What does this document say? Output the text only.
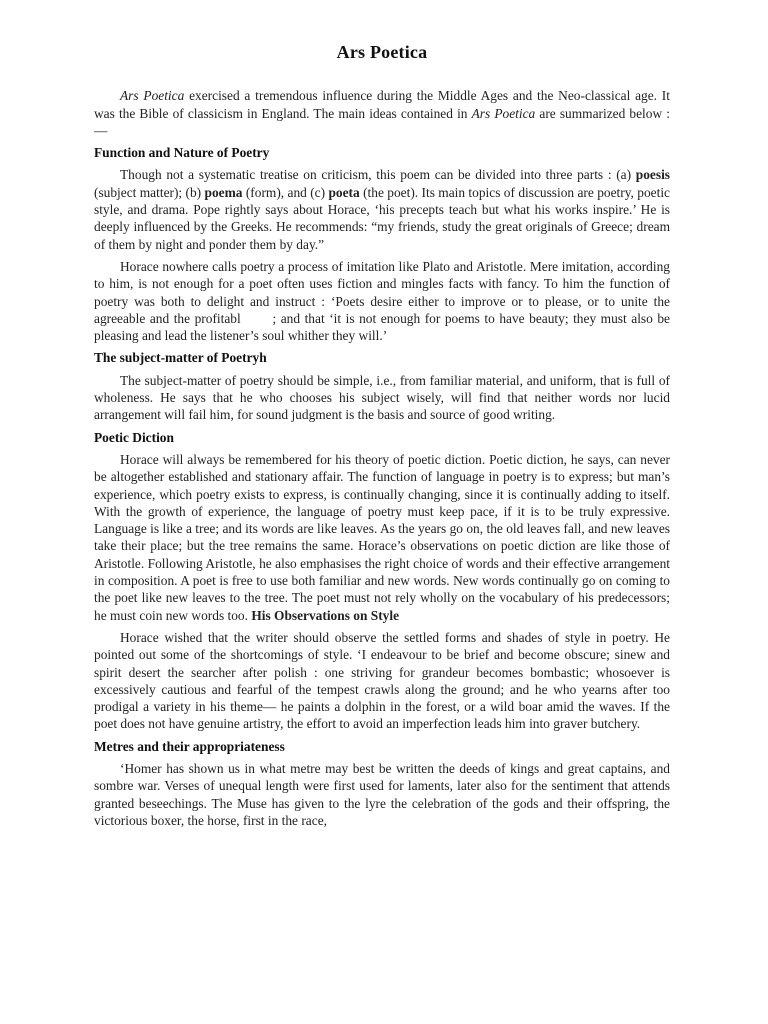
Ars Poetica

Ars Poetica exercised a tremendous influence during the Middle Ages and the Neo-classical age. It was the Bible of classicism in England. The main ideas contained in Ars Poetica are summarized below :—

Function and Nature of Poetry

Though not a systematic treatise on criticism, this poem can be divided into three parts : (a) poesis (subject matter); (b) poema (form), and (c) poeta (the poet). Its main topics of discussion are poetry, poetic style, and drama. Pope rightly says about Horace, ‘his precepts teach but what his works inspire.’ He is deeply influenced by the Greeks. He recommends: “my friends, study the great originals of Greece; dream of them by night and ponder them by day.”

Horace nowhere calls poetry a process of imitation like Plato and Aristotle. Mere imitation, according to him, is not enough for a poet often uses fiction and mingles facts with fancy. To him the function of poetry was both to delight and instruct : ‘Poets desire either to improve or to please, or to unite the agreeable and the profitabl       ; and that ‘it is not enough for poems to have beauty; they must also be pleasing and lead the listener’s soul whither they will.’

The subject-matter of Poetryh

The subject-matter of poetry should be simple, i.e., from familiar material, and uniform, that is full of wholeness. He says that he who chooses his subject wisely, will find that neither words nor lucid arrangement will fail him, for sound judgment is the basis and source of good writing.

Poetic Diction

Horace will always be remembered for his theory of poetic diction. Poetic diction, he says, can never be altogether established and stationary affair. The function of language in poetry is to express; but man’s experience, which poetry exists to express, is continually changing, since it is continually adding to itself. With the growth of experience, the language of poetry must keep pace, if it is to be truly expressive. Language is like a tree; and its words are like leaves. As the years go on, the old leaves fall, and new leaves take their place; but the tree remains the same. Horace’s observations on poetic diction are like those of Aristotle. Following Aristotle, he also emphasises the right choice of words and their effective arrangement in composition. A poet is free to use both familiar and new words. New words continually go on coming to the poet like new leaves to the tree. The poet must not rely wholly on the vocabulary of his predecessors; he must coin new words too. His Observations on Style

Horace wished that the writer should observe the settled forms and shades of style in poetry. He pointed out some of the shortcomings of style. ‘I endeavour to be brief and become obscure; sinew and spirit desert the searcher after polish : one striving for grandeur becomes bombastic; whosoever is excessively cautious and fearful of the tempest crawls along the ground; and he who yearns after too prodigal a variety in his theme— he paints a dolphin in the forest, or a wild boar amid the waves. If the poet does not have genuine artistry, the effort to avoid an imperfection leads him into graver butchery.

Metres and their appropriateness

‘Homer has shown us in what metre may best be written the deeds of kings and great captains, and sombre war. Verses of unequal length were first used for laments, later also for the sentiment that attends granted beseechings. The Muse has given to the lyre the celebration of the gods and their offspring, the victorious boxer, the horse, first in the race,
